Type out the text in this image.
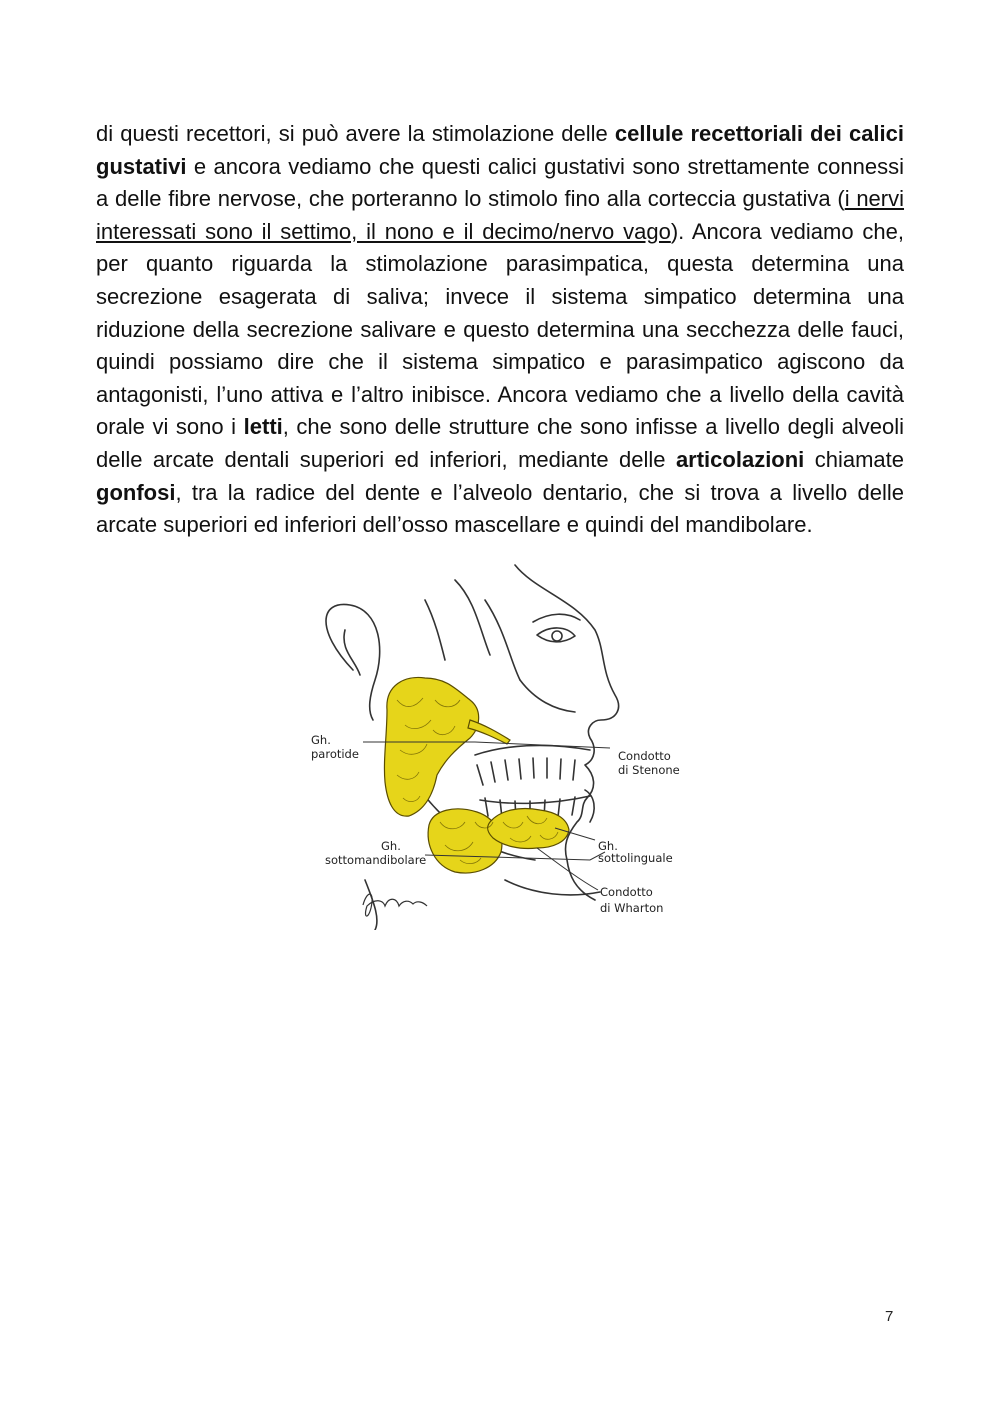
di questi recettori, si può avere la stimolazione delle cellule recettoriali dei calici gustativi e ancora vediamo che questi calici gustativi sono strettamente connessi a delle fibre nervose, che porteranno lo stimolo fino alla corteccia gustativa (i nervi interessati sono il settimo, il nono e il decimo/nervo vago). Ancora vediamo che, per quanto riguarda la stimolazione parasimpatica, questa determina una secrezione esagerata di saliva; invece il sistema simpatico determina una riduzione della secrezione salivare e questo determina una secchezza delle fauci, quindi possiamo dire che il sistema simpatico e parasimpatico agiscono da antagonisti, l’uno attiva e l’altro inibisce. Ancora vediamo che a livello della cavità orale vi sono i letti, che sono delle strutture che sono infisse a livello degli alveoli delle arcate dentali superiori ed inferiori, mediante delle articolazioni chiamate gonfosi, tra la radice del dente e l’alveolo dentario, che si trova a livello delle arcate superiori ed inferiori dell’osso mascellare e quindi del mandibolare.

Gh.
parotide	Condotto
di Stenone
Gh.
sottomandibolare
Gh.
sottolinguale
Condotto
di Wharton
7
